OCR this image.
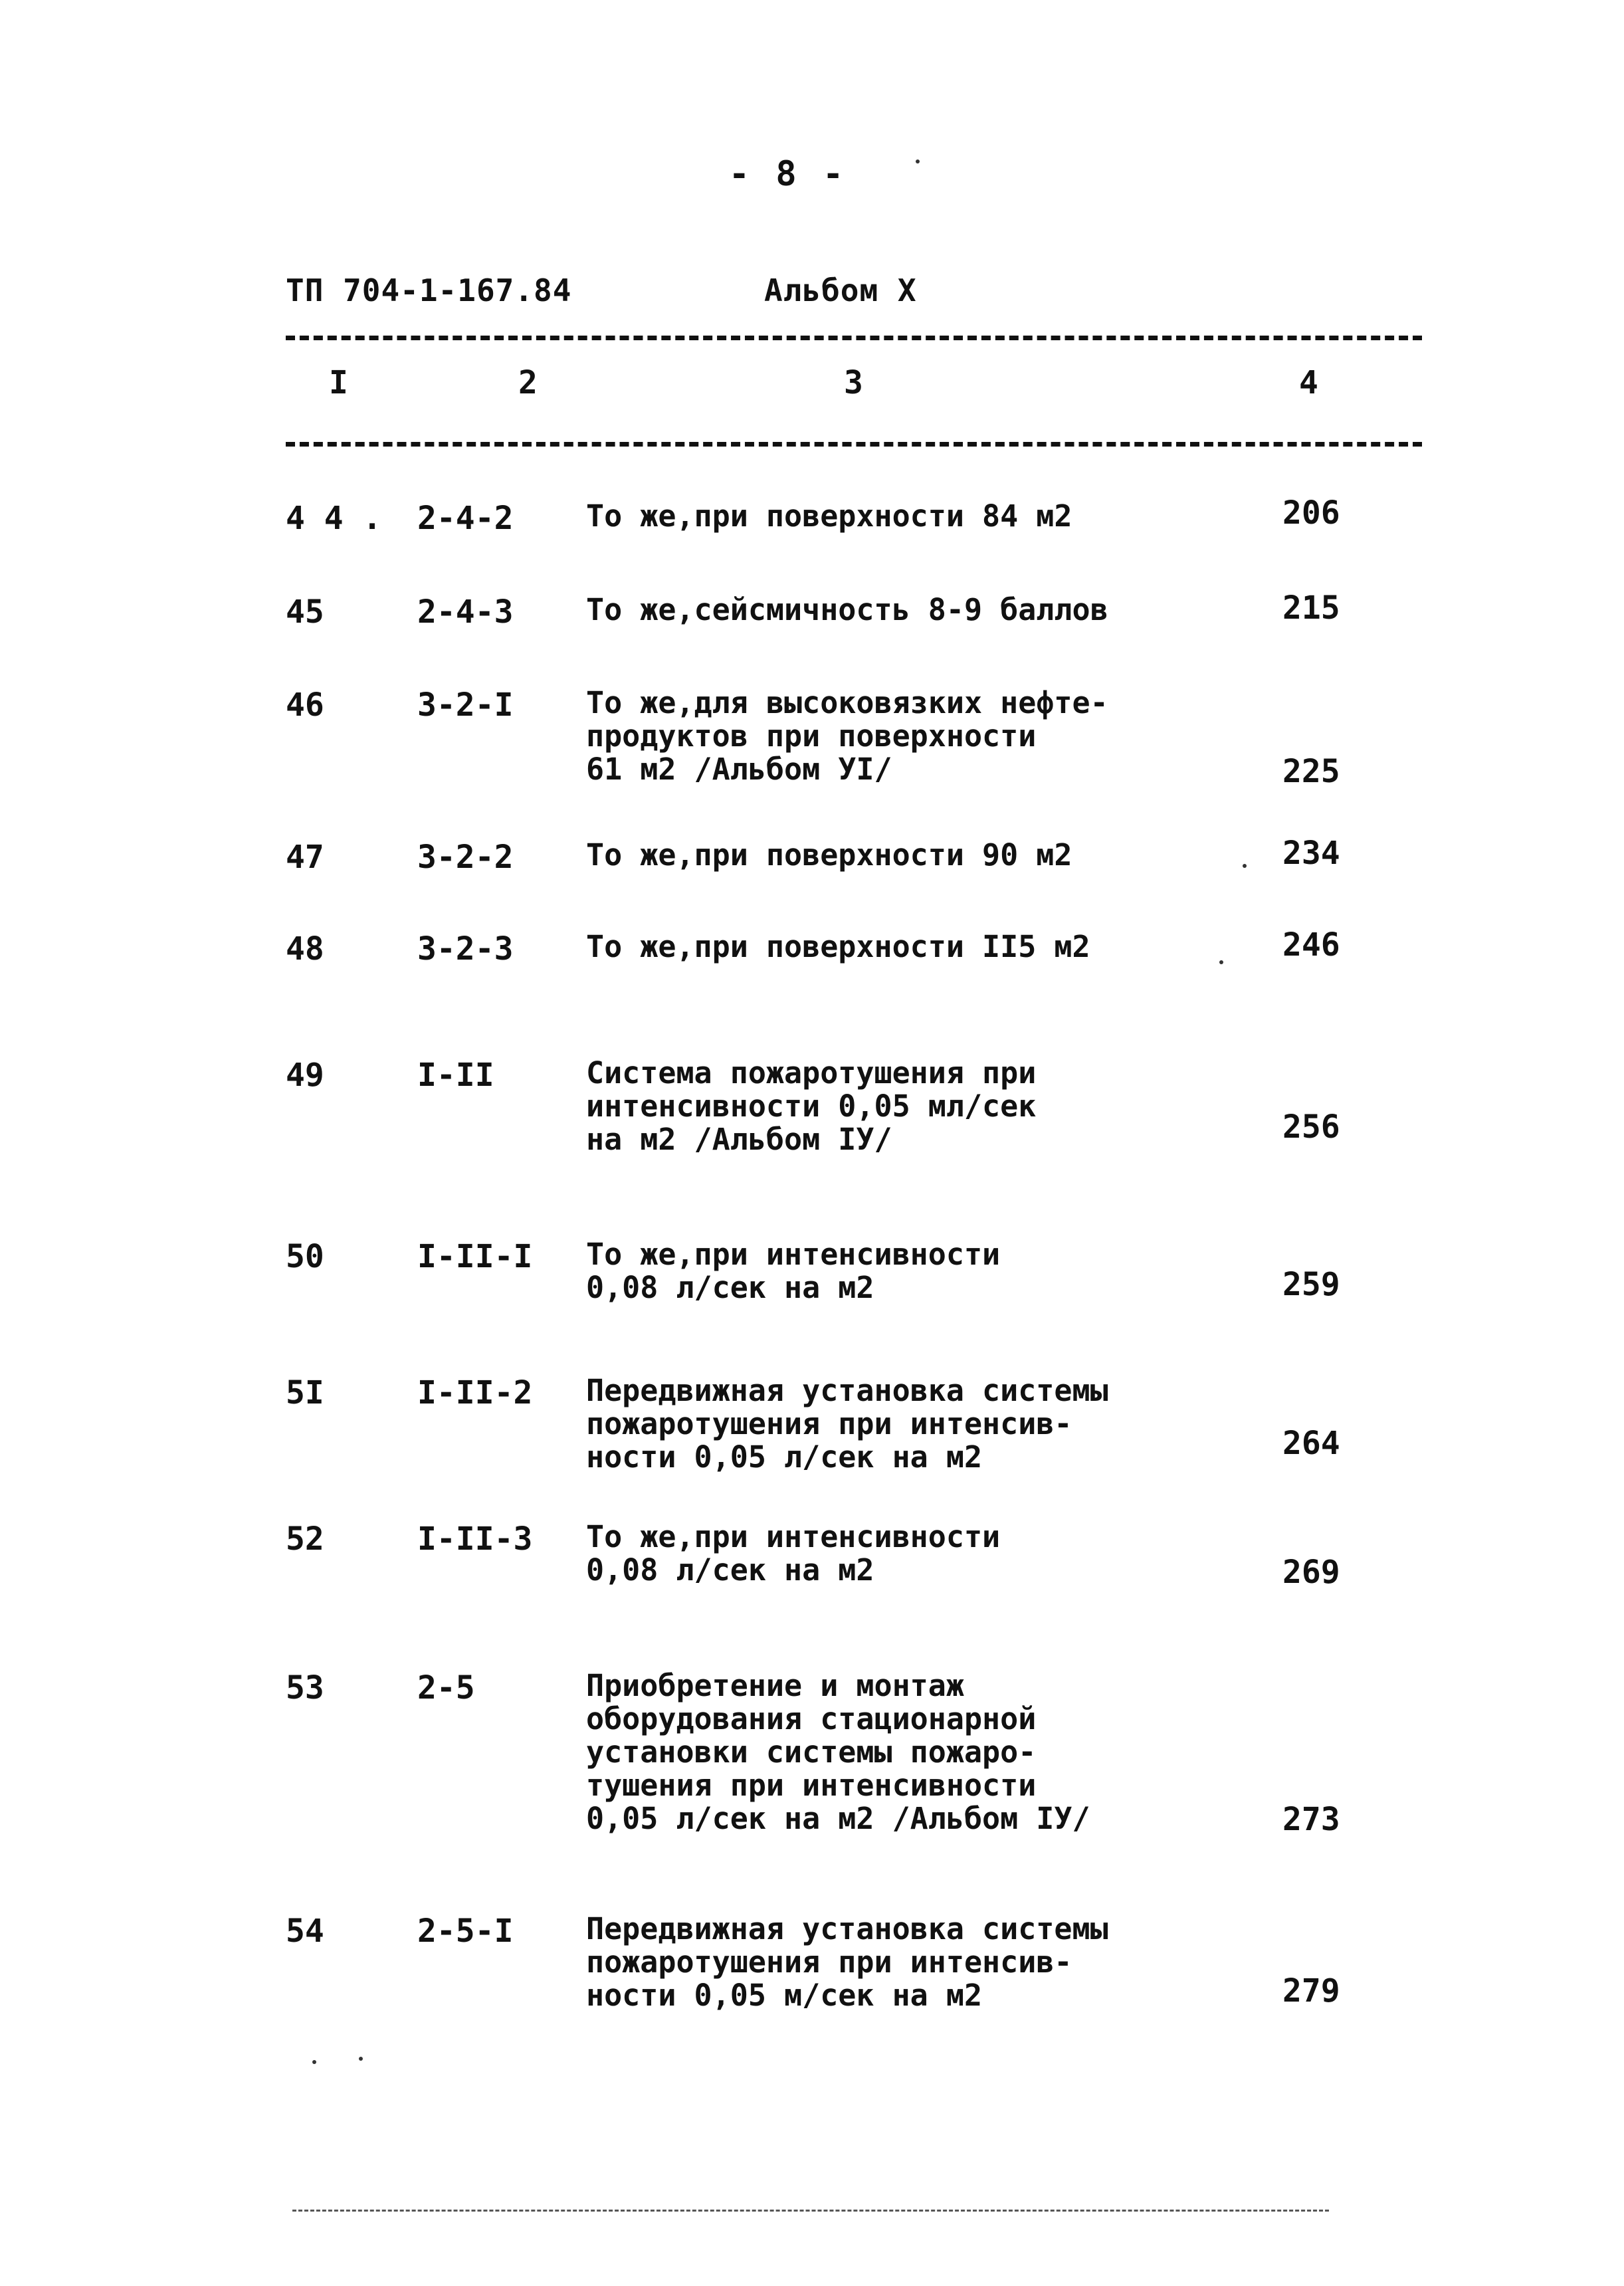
- 8 -
ТП 704-1-167.84	Альбом X
I	2	3	4
4 4 . 2-4-2 То же,при поверхности 84 м2	206
45	2-4-3 То же,сейсмичность 8-9 баллов	215
46	3-2-I То же,для высоковязких нефте-
продуктов при поверхности
61 м2 /Альбом УI/	225
47	3-2-2 То же,при поверхности 90 м2	234
48	3-2-3 То же,при поверхности II5 м2	246
49	I-II	Система пожаротушения при
интенсивности 0,05 мл/сек
на м2 /Альбом IУ/	256
50	I-II-I То же,при интенсивности
0,08 л/сек на м2	259
5I	I-II-2 Передвижная установка системы
пожаротушения при интенсив-
ности 0,05 л/сек на м2	264
52	I-II-3 То же,при интенсивности
0,08 л/сек на м2	269
53	2-5	Приобретение и монтаж
оборудования стационарной
установки системы пожаро-
тушения при интенсивности
0,05 л/сек на м2 /Альбом IУ/	273
54	2-5-I Передвижная установка системы
пожаротушения при интенсив-
ности 0,05 м/сек на м2	279
